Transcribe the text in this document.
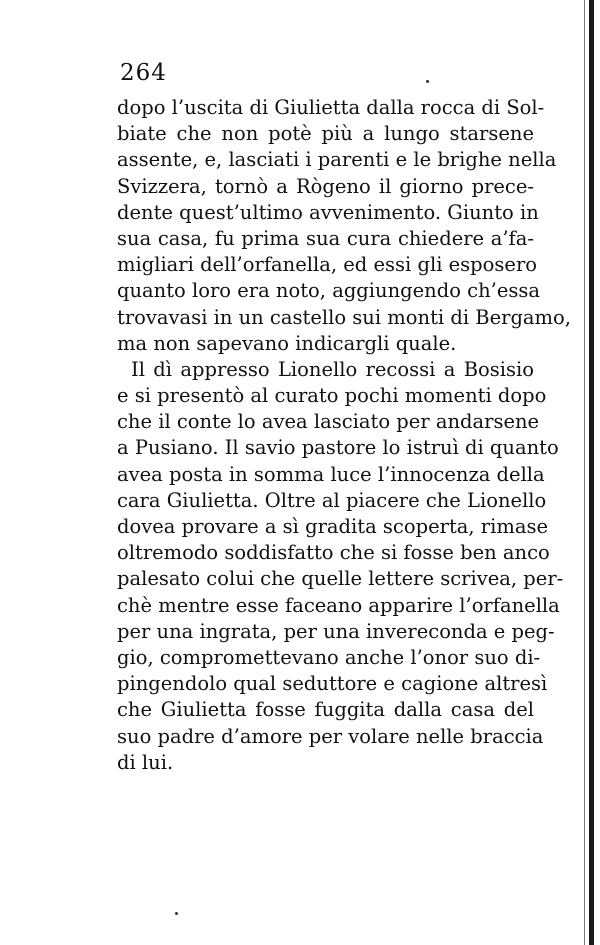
264
dopo l’uscita di Giulietta dalla rocca di Sol-
biate che non potè più a lungo starsene
assente, e, lasciati i parenti e le brighe nella
Svizzera, tornò a Rògeno il giorno prece-
dente quest’ultimo avvenimento. Giunto in
sua casa, fu prima sua cura chiedere a’fa-
migliari dell’orfanella, ed essi gli esposero
quanto loro era noto, aggiungendo ch’essa
trovavasi in un castello sui monti di Bergamo,
ma non sapevano indicargli quale.
Il dì appresso Lionello recossi a Bosisio
e si presentò al curato pochi momenti dopo
che il conte lo avea lasciato per andarsene
a Pusiano. Il savio pastore lo istruì di quanto
avea posta in somma luce l’innocenza della
cara Giulietta. Oltre al piacere che Lionello
dovea provare a sì gradita scoperta, rimase
oltremodo soddisfatto che si fosse ben anco
palesato colui che quelle lettere scrivea, per-
chè mentre esse faceano apparire l’orfanella
per una ingrata, per una invereconda e peg-
gio, compromettevano anche l’onor suo di-
pingendolo qual seduttore e cagione altresì
che Giulietta fosse fuggita dalla casa del
suo padre d’amore per volare nelle braccia
di lui.
